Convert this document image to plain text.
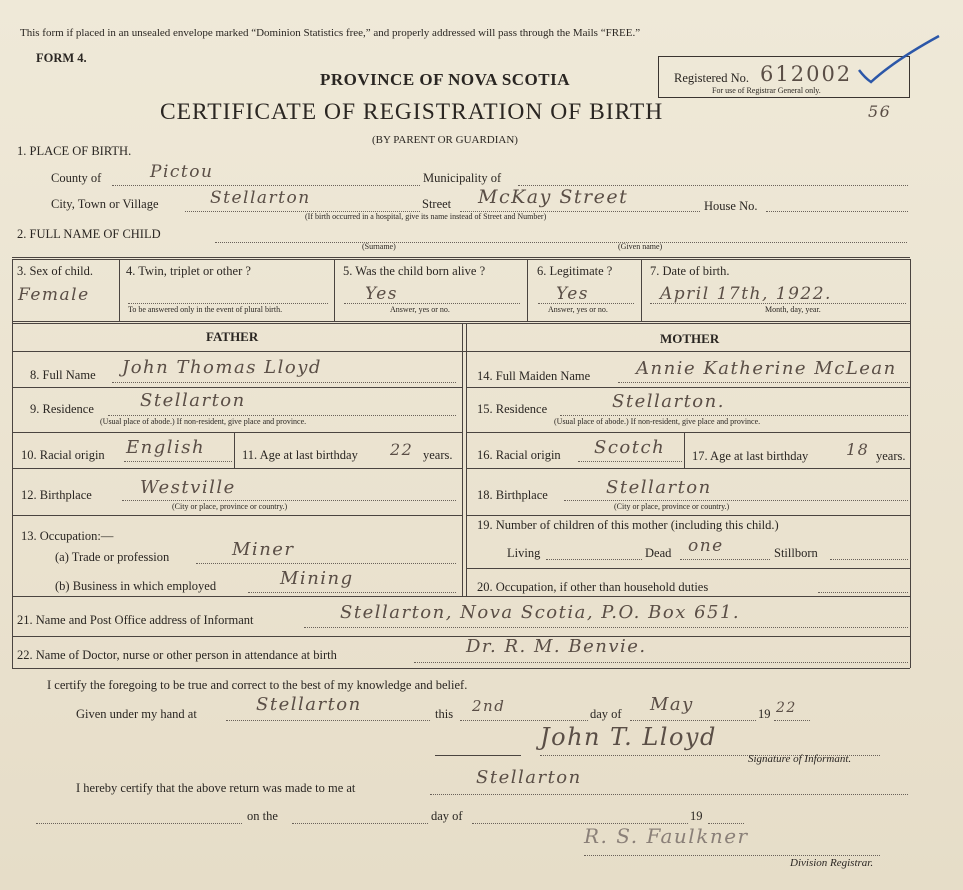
This form if placed in an unsealed envelope marked “Dominion Statistics free,” and properly addressed will pass through the Mails “FREE.”
FORM 4.
PROVINCE OF NOVA SCOTIA
CERTIFICATE OF REGISTRATION OF BIRTH
(BY PARENT OR GUARDIAN)
Registered No. 612002
For use of Registrar General only.
56
1. PLACE OF BIRTH.
County of	Pictou	Municipality of
City, Town or Village	Stellarton	Street McKay Street	House No.
(If birth occurred in a hospital, give its name instead of Street and Number)
2. FULL NAME OF CHILD
(Surname)	(Given name)
3. Sex of child.
Female
4. Twin, triplet or other ?
To be answered only in the event of plural birth.
5. Was the child born alive ?
Yes
Answer, yes or no.
6. Legitimate ?
Yes
Answer, yes or no.
7. Date of birth.
April 17th, 1922.
Month, day, year.
FATHER	MOTHER
8. Full Name John Thomas Lloyd
9. Residence	Stellarton
(Usual place of abode.) If non-resident, give place and province.
10. Racial origin English	11. Age at last birthday 22 years.
12. Birthplace	Westville
(City or place, province or country.)
13. Occupation:—
(a) Trade or profession	Miner
(b) Business in which employed	Mining
14. Full Maiden Name	Annie Katherine McLean
15. Residence	Stellarton.
(Usual place of abode.) If non-resident, give place and province.
16. Racial origin Scotch 17. Age at last birthday 18 years.
18. Birthplace	Stellarton
(City or place, province or country.)
19. Number of children of this mother (including this child.)
Living	Dead one	Stillborn
20. Occupation, if other than household duties
21. Name and Post Office address of Informant	Stellarton, Nova Scotia, P.O. Box 651.
22. Name of Doctor, nurse or other person in attendance at birth	Dr. R. M. Benvie.
I certify the foregoing to be true and correct to the best of my knowledge and belief.
Given under my hand at	Stellarton	this 2nd	day of May	19 22
John T. Lloyd
Signature of Informant.
I hereby certify that the above return was made to me at	Stellarton
on the	day of	19
R. S. Faulkner
Division Registrar.
